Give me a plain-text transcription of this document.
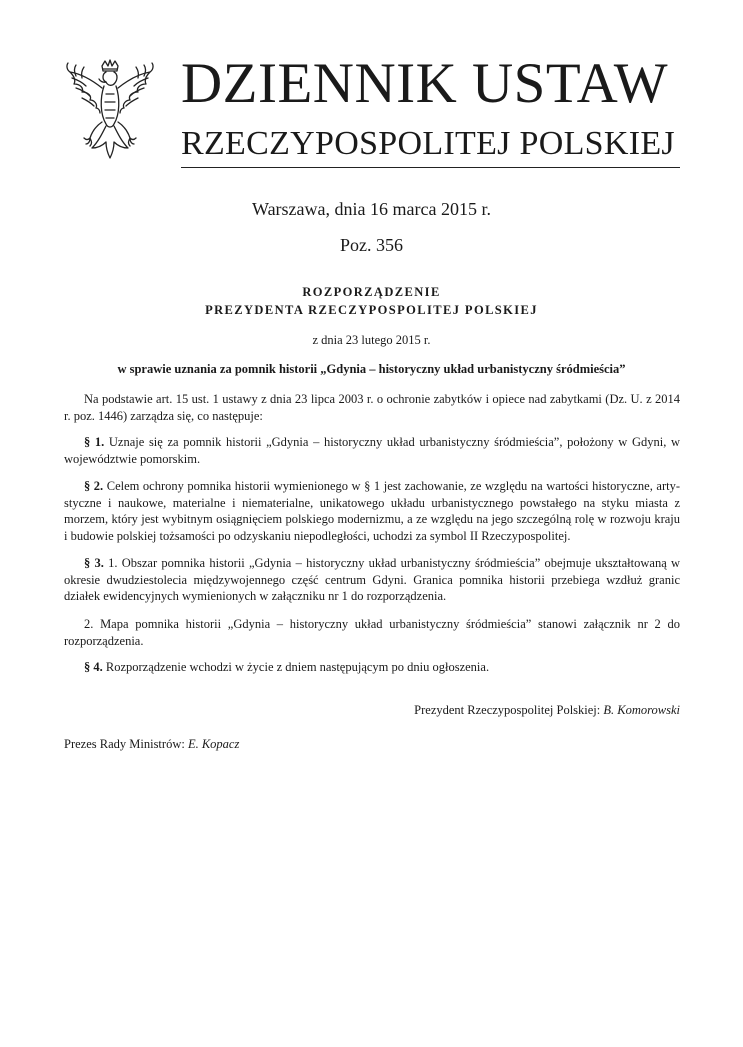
DZIENNIK USTAW
RZECZYPOSPOLITEJ POLSKIEJ
Warszawa, dnia 16 marca 2015 r.
Poz. 356
ROZPORZĄDZENIE
PREZYDENTA RZECZYPOSPOLITEJ POLSKIEJ
z dnia 23 lutego 2015 r.
w sprawie uznania za pomnik historii „Gdynia – historyczny układ urbanistyczny śródmieścia”

Na podstawie art. 15 ust. 1 ustawy z dnia 23 lipca 2003 r. o ochronie zabytków i opiece nad zabytkami (Dz. U. z 2014 r. poz. 1446) zarządza się, co następuje:

§ 1. Uznaje się za pomnik historii „Gdynia – historyczny układ urbanistyczny śródmieścia”, położony w Gdyni, w województwie pomorskim.

§ 2. Celem ochrony pomnika historii wymienionego w § 1 jest zachowanie, ze względu na wartości historyczne, artystyczne i naukowe, materialne i niematerialne, unikatowego układu urbanistycznego powstałego na styku miasta z morzem, który jest wybitnym osiągnięciem polskiego modernizmu, a ze względu na jego szczególną rolę w rozwoju kraju i budowie polskiej tożsamości po odzyskaniu niepodległości, uchodzi za symbol II Rzeczypospolitej.

§ 3. 1. Obszar pomnika historii „Gdynia – historyczny układ urbanistyczny śródmieścia” obejmuje ukształtowaną w okresie dwudziestolecia międzywojennego część centrum Gdyni. Granica pomnika historii przebiega wzdłuż granic działek ewidencyjnych wymienionych w załączniku nr 1 do rozporządzenia.

2. Mapa pomnika historii „Gdynia – historyczny układ urbanistyczny śródmieścia” stanowi załącznik nr 2 do rozporządzenia.

§ 4. Rozporządzenie wchodzi w życie z dniem następującym po dniu ogłoszenia.

Prezydent Rzeczypospolitej Polskiej: B. Komorowski
Prezes Rady Ministrów: E. Kopacz
